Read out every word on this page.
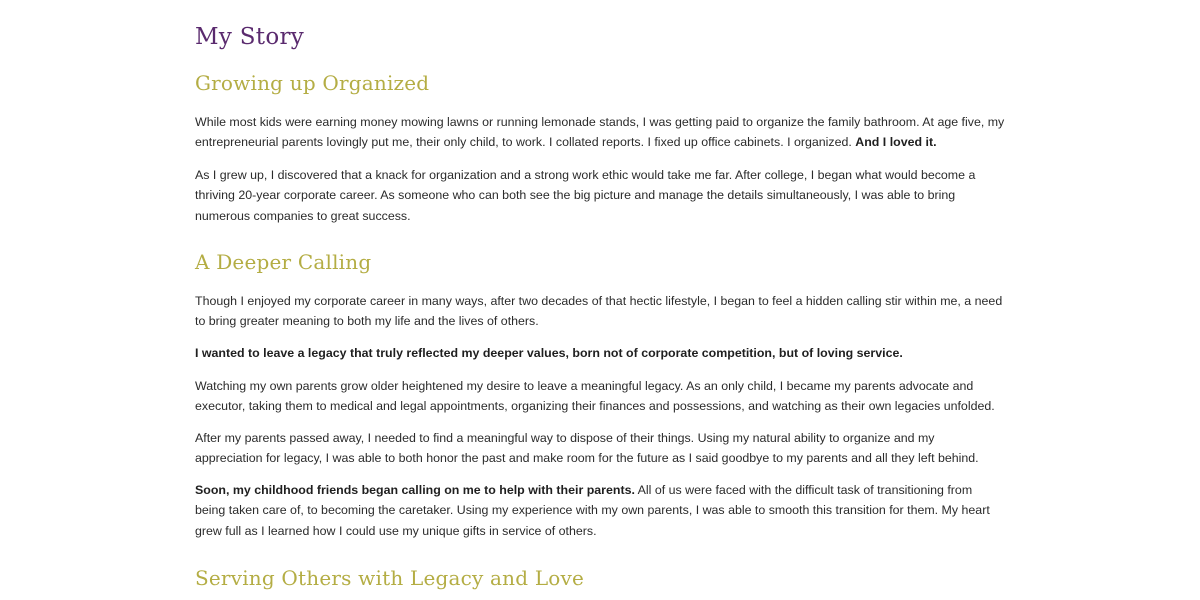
My Story
Growing up Organized

While most kids were earning money mowing lawns or running lemonade stands, I was getting paid to organize the family bathroom. At age five, my entrepreneurial parents lovingly put me, their only child, to work. I collated reports. I fixed up office cabinets. I organized. And I loved it.

As I grew up, I discovered that a knack for organization and a strong work ethic would take me far. After college, I began what would become a thriving 20-year corporate career. As someone who can both see the big picture and manage the details simultaneously, I was able to bring numerous companies to great success.

A Deeper Calling

Though I enjoyed my corporate career in many ways, after two decades of that hectic lifestyle, I began to feel a hidden calling stir within me, a need to bring greater meaning to both my life and the lives of others.

I wanted to leave a legacy that truly reflected my deeper values, born not of corporate competition, but of loving service.

Watching my own parents grow older heightened my desire to leave a meaningful legacy. As an only child, I became my parents advocate and executor, taking them to medical and legal appointments, organizing their finances and possessions, and watching as their own legacies unfolded.

After my parents passed away, I needed to find a meaningful way to dispose of their things. Using my natural ability to organize and my appreciation for legacy, I was able to both honor the past and make room for the future as I said goodbye to my parents and all they left behind.

Soon, my childhood friends began calling on me to help with their parents. All of us were faced with the difficult task of transitioning from being taken care of, to becoming the caretaker. Using my experience with my own parents, I was able to smooth this transition for them. My heart grew full as I learned how I could use my unique gifts in service of others.

Serving Others with Legacy and Love
